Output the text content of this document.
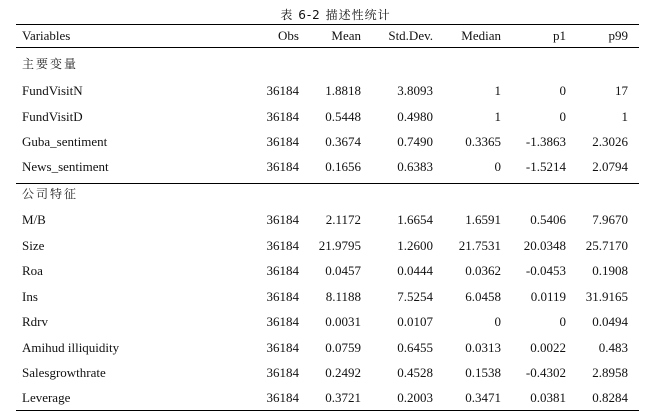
表 6-2 描述性统计
Variables	Obs Mean Std.Dev. Median	p1	p99
主要变量
FundVisitN	36184 1.8818	3.8093	1	0	17
FundVisitD	36184 0.5448	0.4980	1	0	1
Guba_sentiment	36184 0.3674	0.7490 0.3365 -1.3863 2.3026
News_sentiment	36184 0.1656	0.6383	0 -1.5214 2.0794
公司特征
M/B	36184 2.1172	1.6654 1.6591 0.5406 7.9670
Size	36184 21.9795	1.2600 21.7531 20.0348 25.7170
Roa	36184 0.0457	0.0444 0.0362 -0.0453 0.1908
Ins	36184 8.1188	7.5254 6.0458 0.0119 31.9165
Rdrv	36184 0.0031	0.0107	0	0 0.0494
Amihud illiquidity	36184 0.0759	0.6455 0.0313 0.0022	0.483
Salesgrowthrate	36184 0.2492	0.4528 0.1538 -0.4302 2.8958
Leverage	36184 0.3721	0.2003 0.3471 0.0381 0.8284
